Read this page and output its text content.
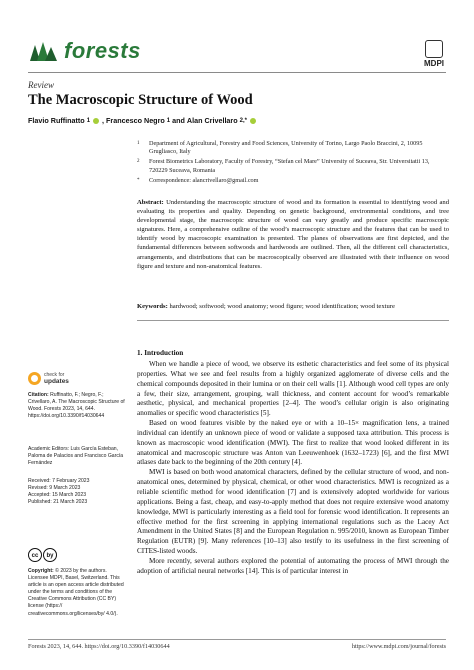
forests
MDPI
Review
The Macroscopic Structure of Wood
Flavio Ruffinatto 1 , Francesco Negro 1 and Alan Crivellaro 2,*
1	Department of Agricultural, Forestry and Food Sciences, University of Torino, Largo Paolo Braccini, 2, 10095 Grugliasco, Italy
2	Forest Biometrics Laboratory, Faculty of Forestry, “Stefan cel Mare” University of Suceava, Str. Universitatii 13, 720229 Suceava, Romania
*	Correspondence: alancrivellaro@gmail.com
Abstract: Understanding the macroscopic structure of wood and its formation is essential to identifying wood and evaluating its properties and quality. Depending on genetic background, environmental conditions, and tree developmental stage, the macroscopic structure of wood can vary greatly and produce specific macroscopic signatures. Here, a comprehensive outline of the wood’s macroscopic structure and the features that can be used to identify wood by macroscopic examination is presented. The planes of observations are first depicted, and the fundamental differences between softwoods and hardwoods are outlined. Then, all the different cell characteristics, arrangements, and distributions that can be macroscopically observed are illustrated with their influence on wood figure and texture and non-anatomical features.
Keywords: hardwood; softwood; wood anatomy; wood figure; wood identification; wood texture
1. Introduction

When we handle a piece of wood, we observe its esthetic characteristics and feel some of its physical properties. What we see and feel results from a highly organized agglomerate of diverse cells and the chemical compounds deposited in their lumina or on their cell walls [1]. Although wood cell types are only a few, their size, arrangement, grouping, wall thickness, and content account for wood’s remarkable aesthetic, physical, and mechanical properties [2–4]. The wood’s cellular origin is also originating anomalies or specific wood characteristics [5].

Based on wood features visible by the naked eye or with a 10–15× magnification lens, a trained individual can identify an unknown piece of wood or validate a supposed taxa attribution. This process is known as macroscopic wood identification (MWI). The first to realize that wood looked different in its anatomical and macroscopic structure was Anton van Leeuwenhoek (1632–1723) [6], and the first MWI atlases date back to the beginning of the 20th century [4].

MWI is based on both wood anatomical characters, defined by the cellular structure of wood, and non-anatomical ones, determined by physical, chemical, or other wood characteristics. MWI is recognized as a reliable scientific method for wood identification [7] and is extensively adopted worldwide for various applications. Being a fast, cheap, and easy-to-apply method that does not require extensive wood anatomy knowledge, MWI is particularly interesting as a field tool for forensic wood identification. It represents an effective method for the first screening in applying international regulations such as the Lacey Act Amendment in the United States [8] and the European Regulation n. 995/2010, known as European Timber Regulation (EUTR) [9]. Many references [10–13] also testify to its usefulness in the first screening of CITES-listed woods.

More recently, several authors explored the potential of automating the process of MWI through the adoption of artificial neural networks [14]. This is of particular interest in

check for
updates
Citation: Ruffinatto, F.; Negro, F.; Crivellaro, A. The Macroscopic Structure of Wood. Forests 2023, 14, 644. https://doi.org/10.3390/f14030644
Academic Editors: Luis García Esteban, Paloma de Palacios and Francisco García Fernández
Received: 7 February 2023
Revised: 9 March 2023
Accepted: 15 March 2023
Published: 21 March 2023
cc	by
Copyright: © 2023 by the authors. Licensee MDPI, Basel, Switzerland. This article is an open access article distributed under the terms and conditions of the Creative Commons Attribution (CC BY) license (https:// creativecommons.org/licenses/by/ 4.0/).
Forests 2023, 14, 644. https://doi.org/10.3390/f14030644	https://www.mdpi.com/journal/forests
